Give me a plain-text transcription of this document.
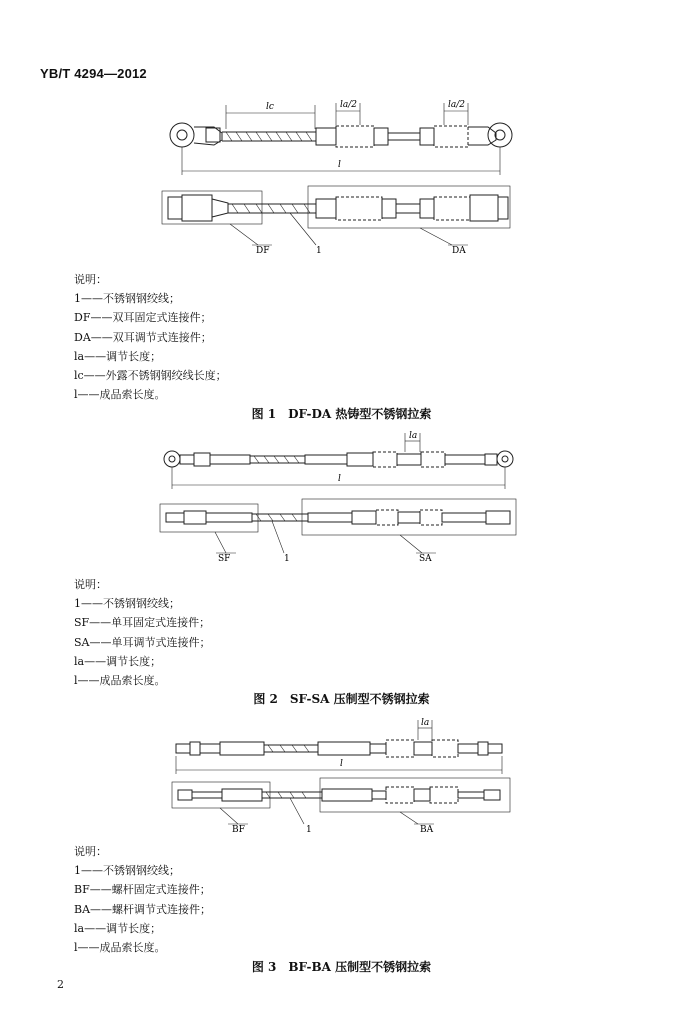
YB/T 4294—2012
lc	la/2	la/2
l
DF	1	DA
说明：
1——不锈钢钢绞线；
DF——双耳固定式连接件；
DA——双耳调节式连接件；
la——调节长度；
lc——外露不锈钢钢绞线长度；
l——成品索长度。
图 1　DF-DA 热铸型不锈钢拉索
la
l
SF	1	SA
说明：
1——不锈钢钢绞线；
SF——单耳固定式连接件；
SA——单耳调节式连接件；
la——调节长度；
l——成品索长度。
图 2　SF-SA 压制型不锈钢拉索
la
l
BF	1	BA
说明：
1——不锈钢钢绞线；
BF——螺杆固定式连接件；
BA——螺杆调节式连接件；
la——调节长度；
l——成品索长度。
图 3　BF-BA 压制型不锈钢拉索
2
